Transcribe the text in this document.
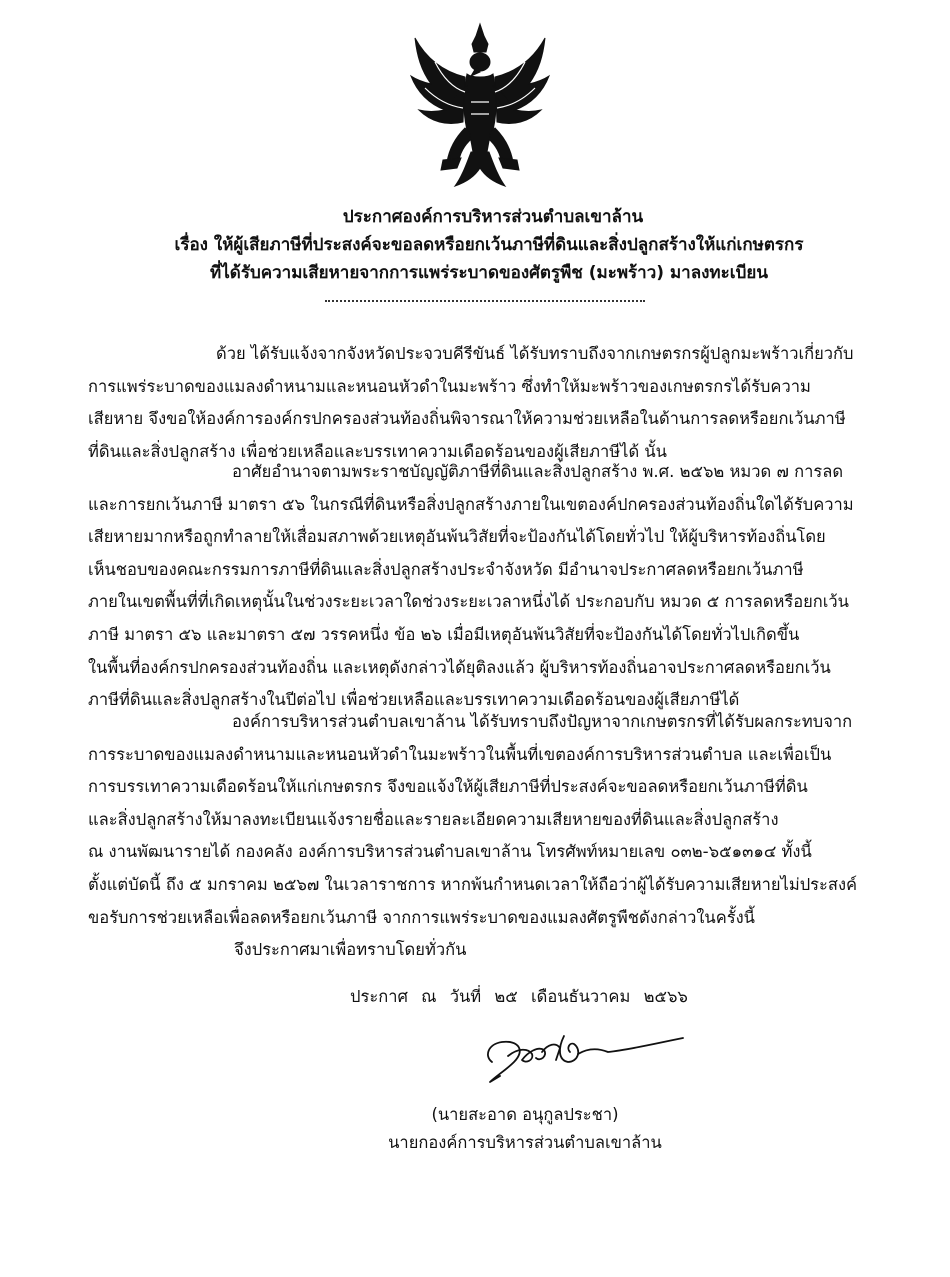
ประกาศองค์การบริหารส่วนตำบลเขาล้าน
เรื่อง ให้ผู้เสียภาษีที่ประสงค์จะขอลดหรือยกเว้นภาษีที่ดินและสิ่งปลูกสร้างให้แก่เกษตรกร
ที่ได้รับความเสียหายจากการแพร่ระบาดของศัตรูพืช (มะพร้าว) มาลงทะเบียน
ด้วย ได้รับแจ้งจากจังหวัดประจวบคีรีขันธ์ ได้รับทราบถึงจากเกษตรกรผู้ปลูกมะพร้าวเกี่ยวกับ
การแพร่ระบาดของแมลงดำหนามและหนอนหัวดำในมะพร้าว ซึ่งทำให้มะพร้าวของเกษตรกรได้รับความ
เสียหาย จึงขอให้องค์การองค์กรปกครองส่วนท้องถิ่นพิจารณาให้ความช่วยเหลือในด้านการลดหรือยกเว้นภาษี
ที่ดินและสิ่งปลูกสร้าง เพื่อช่วยเหลือและบรรเทาความเดือดร้อนของผู้เสียภาษีได้ นั้น
อาศัยอำนาจตามพระราชบัญญัติภาษีที่ดินและสิ่งปลูกสร้าง พ.ศ. ๒๕๖๒ หมวด ๗ การลด
และการยกเว้นภาษี มาตรา ๕๖ ในกรณีที่ดินหรือสิ่งปลูกสร้างภายในเขตองค์ปกครองส่วนท้องถิ่นใดได้รับความ
เสียหายมากหรือถูกทำลายให้เสื่อมสภาพด้วยเหตุอันพ้นวิสัยที่จะป้องกันได้โดยทั่วไป ให้ผู้บริหารท้องถิ่นโดย
เห็นชอบของคณะกรรมการภาษีที่ดินและสิ่งปลูกสร้างประจำจังหวัด มีอำนาจประกาศลดหรือยกเว้นภาษี
ภายในเขตพื้นที่ที่เกิดเหตุนั้นในช่วงระยะเวลาใดช่วงระยะเวลาหนึ่งได้ ประกอบกับ หมวด ๕ การลดหรือยกเว้น
ภาษี มาตรา ๕๖ และมาตรา ๕๗ วรรคหนึ่ง ข้อ ๒๖ เมื่อมีเหตุอันพ้นวิสัยที่จะป้องกันได้โดยทั่วไปเกิดขึ้น
ในพื้นที่องค์กรปกครองส่วนท้องถิ่น และเหตุดังกล่าวได้ยุติลงแล้ว ผู้บริหารท้องถิ่นอาจประกาศลดหรือยกเว้น
ภาษีที่ดินและสิ่งปลูกสร้างในปีต่อไป เพื่อช่วยเหลือและบรรเทาความเดือดร้อนของผู้เสียภาษีได้
องค์การบริหารส่วนตำบลเขาล้าน ได้รับทราบถึงปัญหาจากเกษตรกรที่ได้รับผลกระทบจาก
การระบาดของแมลงดำหนามและหนอนหัวดำในมะพร้าวในพื้นที่เขตองค์การบริหารส่วนตำบล และเพื่อเป็น
การบรรเทาความเดือดร้อนให้แก่เกษตรกร จึงขอแจ้งให้ผู้เสียภาษีที่ประสงค์จะขอลดหรือยกเว้นภาษีที่ดิน
และสิ่งปลูกสร้างให้มาลงทะเบียนแจ้งรายชื่อและรายละเอียดความเสียหายของที่ดินและสิ่งปลูกสร้าง
ณ งานพัฒนารายได้ กองคลัง องค์การบริหารส่วนตำบลเขาล้าน โทรศัพท์หมายเลข ๐๓๒-๖๕๑๓๑๔ ทั้งนี้
ตั้งแต่บัดนี้ ถึง ๕ มกราคม ๒๕๖๗ ในเวลาราชการ หากพ้นกำหนดเวลาให้ถือว่าผู้ได้รับความเสียหายไม่ประสงค์
ขอรับการช่วยเหลือเพื่อลดหรือยกเว้นภาษี จากการแพร่ระบาดของแมลงศัตรูพืชดังกล่าวในครั้งนี้
จึงประกาศมาเพื่อทราบโดยทั่วกัน
ประกาศ ณ วันที่ ๒๕ เดือนธันวาคม ๒๕๖๖
(นายสะอาด อนุกูลประชา)
นายกองค์การบริหารส่วนตำบลเขาล้าน
